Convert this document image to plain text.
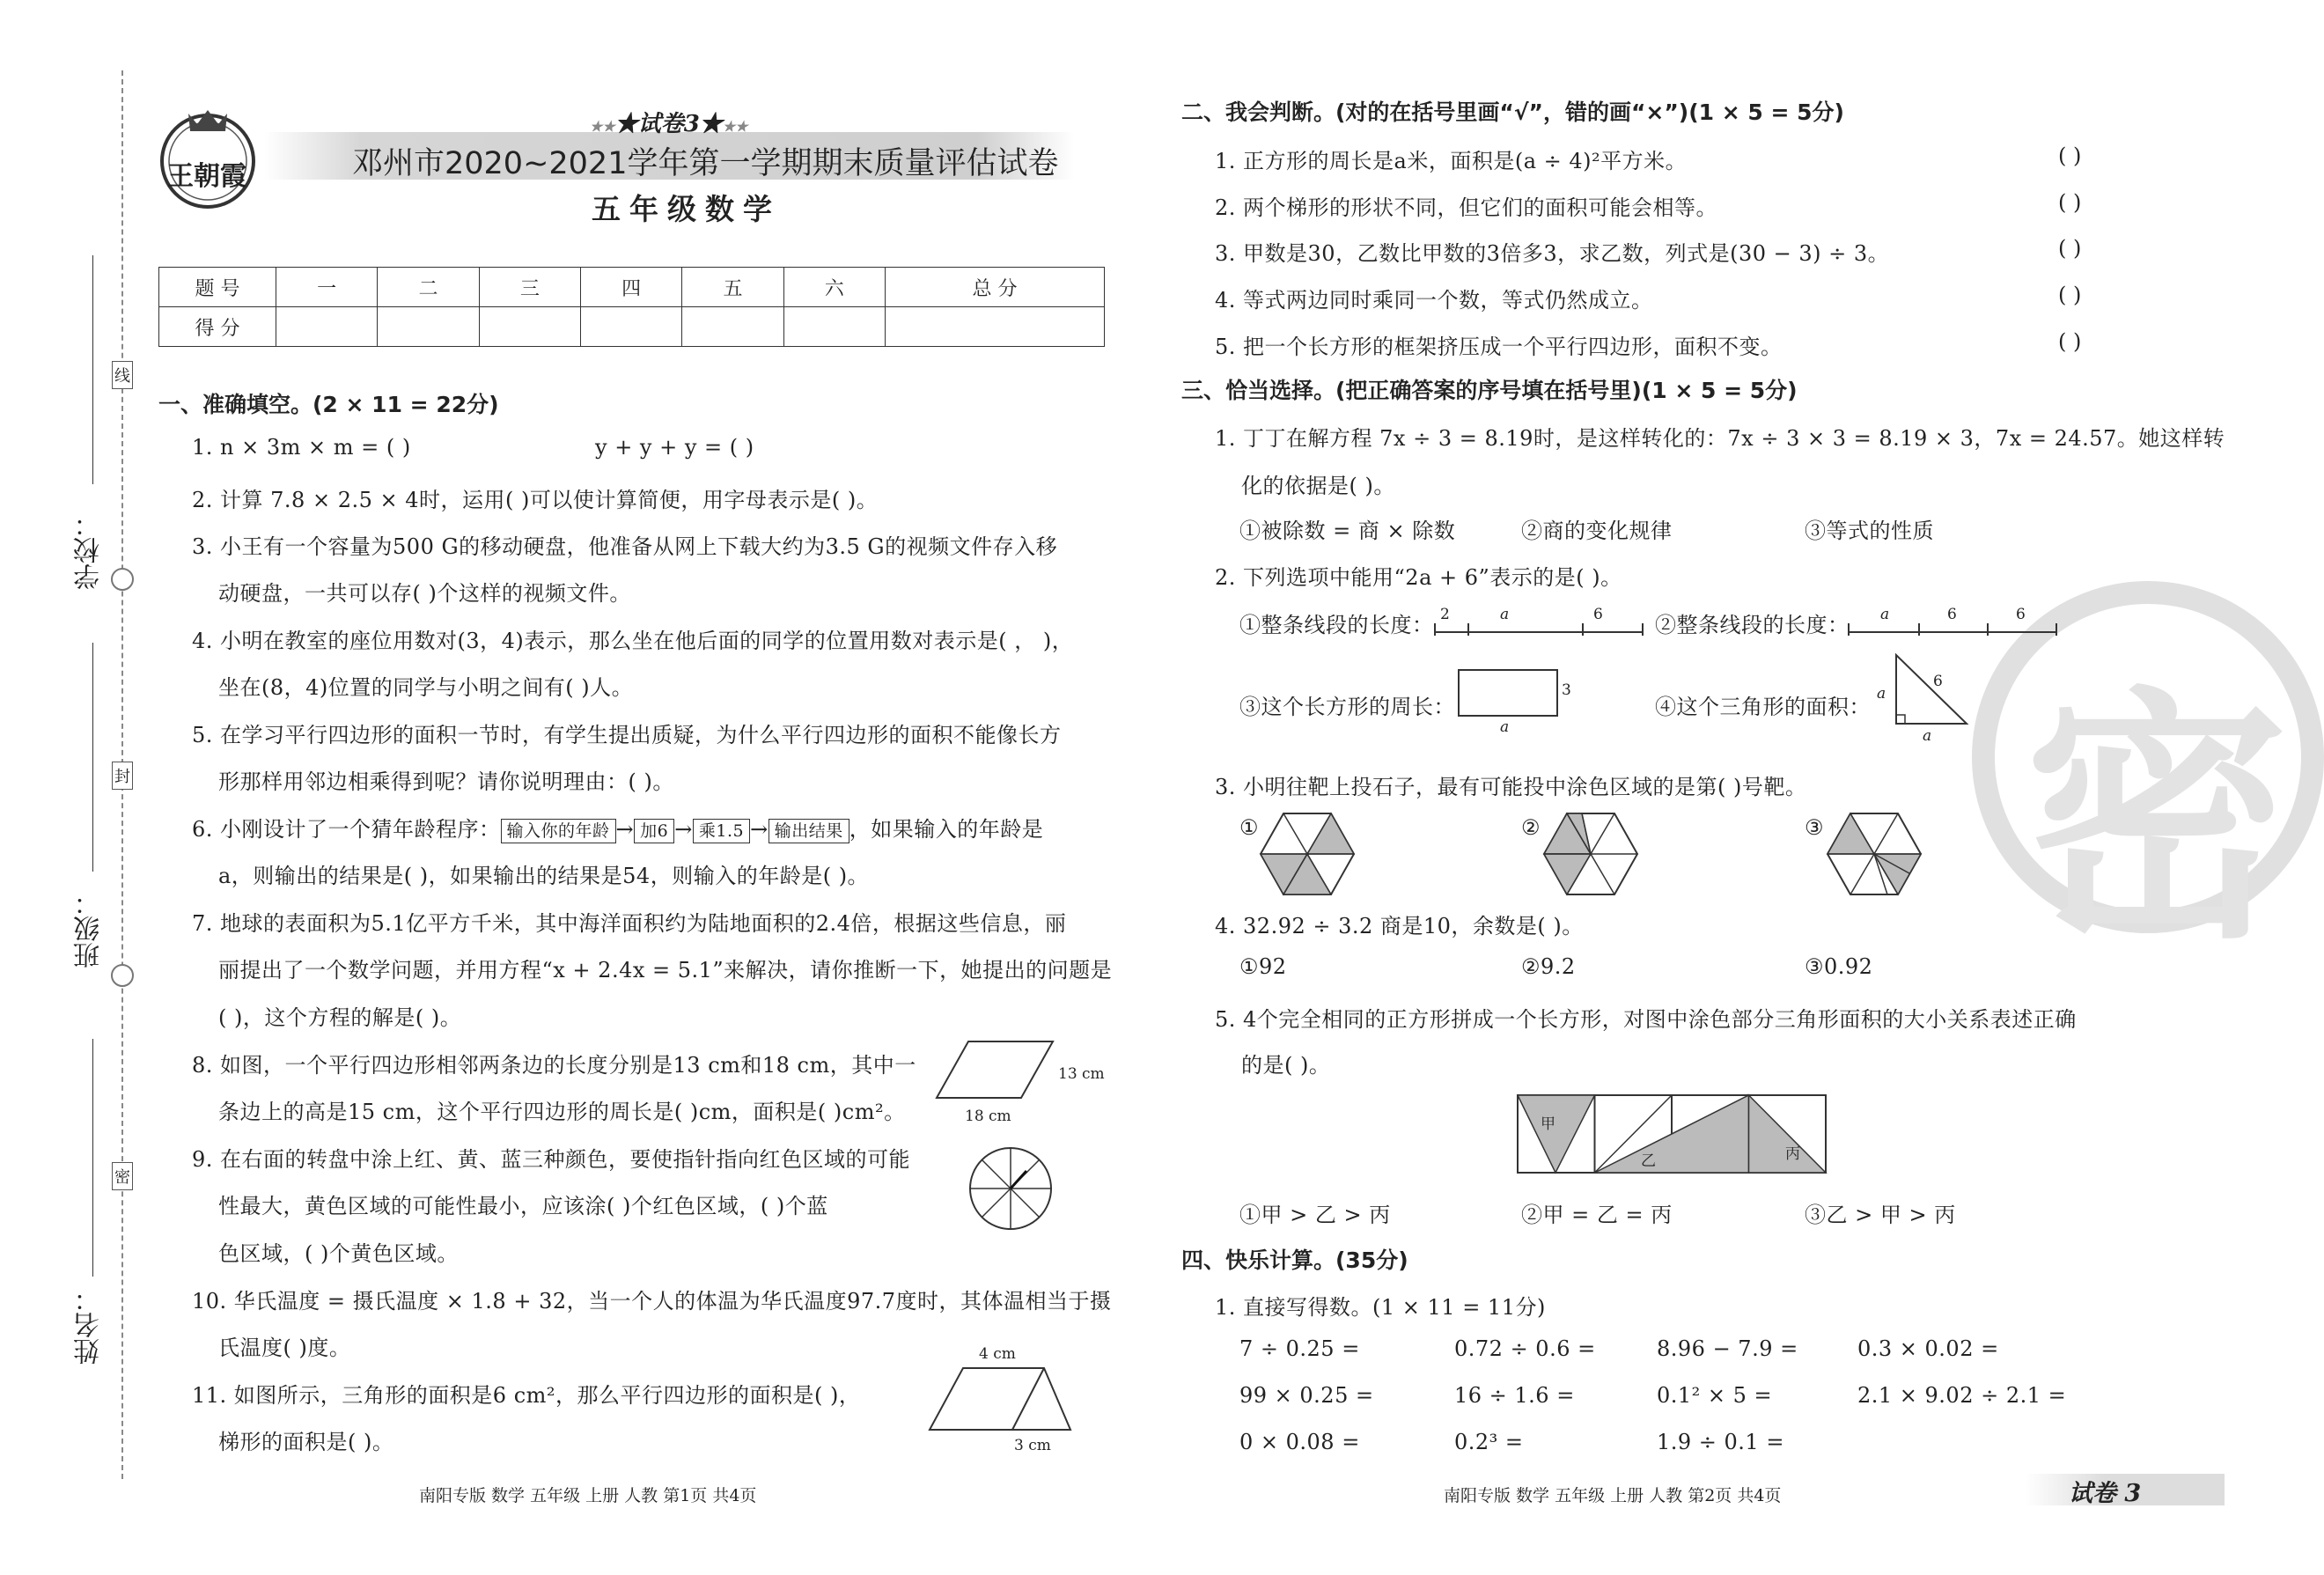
学校：
班级：
姓名：
线
封
密
王朝霞
★★★试卷3★★★
邓州市2020~2021学年第一学期期末质量评估试卷
五年级数学
题 号	一	二	三	四	五	六	总 分
得 分							
一、准确填空。(2 × 11 = 22分)
1. n × 3m × m = ( )	y + y + y = ( )
2. 计算 7.8 × 2.5 × 4时，运用( )可以使计算简便，用字母表示是( )。
3. 小王有一个容量为500 G的移动硬盘，他准备从网上下载大约为3.5 G的视频文件存入移
动硬盘，一共可以存( )个这样的视频文件。
4. 小明在教室的座位用数对(3，4)表示，那么坐在他后面的同学的位置用数对表示是( ， )，
坐在(8，4)位置的同学与小明之间有( )人。
5. 在学习平行四边形的面积一节时，有学生提出质疑，为什么平行四边形的面积不能像长方
形那样用邻边相乘得到呢？请你说明理由：( )。
6. 小刚设计了一个猜年龄程序： 输入你的年龄 → 加6 → 乘1.5 → 输出结果 ，如果输入的年龄是
a，则输出的结果是( )，如果输出的结果是54，则输入的年龄是( )。
7. 地球的表面积为5.1亿平方千米，其中海洋面积约为陆地面积的2.4倍，根据这些信息，丽
丽提出了一个数学问题，并用方程“x + 2.4x = 5.1”来解决，请你推断一下，她提出的问题是
( )，这个方程的解是( )。
8. 如图，一个平行四边形相邻两条边的长度分别是13 cm和18 cm，其中一
条边上的高是15 cm，这个平行四边形的周长是( )cm，面积是( )cm²。
13 cm
18 cm
9. 在右面的转盘中涂上红、黄、蓝三种颜色，要使指针指向红色区域的可能
性最大，黄色区域的可能性最小，应该涂( )个红色区域，( )个蓝
色区域，( )个黄色区域。
10. 华氏温度 = 摄氏温度 × 1.8 + 32，当一个人的体温为华氏温度97.7度时，其体温相当于摄
氏温度( )度。
11. 如图所示，三角形的面积是6 cm²，那么平行四边形的面积是( )，
梯形的面积是( )。
4 cm
3 cm
南阳专版 数学 五年级 上册 人教 第1页 共4页
密
二、我会判断。(对的在括号里画“√”，错的画“×”)(1 × 5 = 5分)
1. 正方形的周长是a米，面积是(a ÷ 4)²平方米。	( )
2. 两个梯形的形状不同，但它们的面积可能会相等。	( )
3. 甲数是30，乙数比甲数的3倍多3，求乙数，列式是(30 − 3) ÷ 3。	( )
4. 等式两边同时乘同一个数，等式仍然成立。	( )
5. 把一个长方形的框架挤压成一个平行四边形，面积不变。	( )
三、恰当选择。(把正确答案的序号填在括号里)(1 × 5 = 5分)
1. 丁丁在解方程 7x ÷ 3 = 8.19时，是这样转化的：7x ÷ 3 × 3 = 8.19 × 3，7x = 24.57。她这样转
化的依据是( )。
①被除数 = 商 × 除数	②商的变化规律	③等式的性质
2. 下列选项中能用“2a + 6”表示的是( )。
①整条线段的长度： 2	a	6 ②整条线段的长度： a	6	6
③这个长方形的周长：
3
a
④这个三角形的面积：
a
6
a
3. 小明往靶上投石子，最有可能投中涂色区域的是第( )号靶。
①	②	③
4. 32.92 ÷ 3.2 商是10，余数是( )。
①92	②9.2	③0.92
5. 4个完全相同的正方形拼成一个长方形，对图中涂色部分三角形面积的大小关系表述正确
的是( )。
甲
乙	丙
①甲 > 乙 > 丙	②甲 = 乙 = 丙	③乙 > 甲 > 丙
四、快乐计算。(35分)
1. 直接写得数。(1 × 11 = 11分)
7 ÷ 0.25 =	0.72 ÷ 0.6 =	8.96 − 7.9 =	0.3 × 0.02 =
99 × 0.25 =	16 ÷ 1.6 =	0.1² × 5 =	2.1 × 9.02 ÷ 2.1 =
0 × 0.08 =	0.2³ =	1.9 ÷ 0.1 =
南阳专版 数学 五年级 上册 人教 第2页 共4页	试卷 3
